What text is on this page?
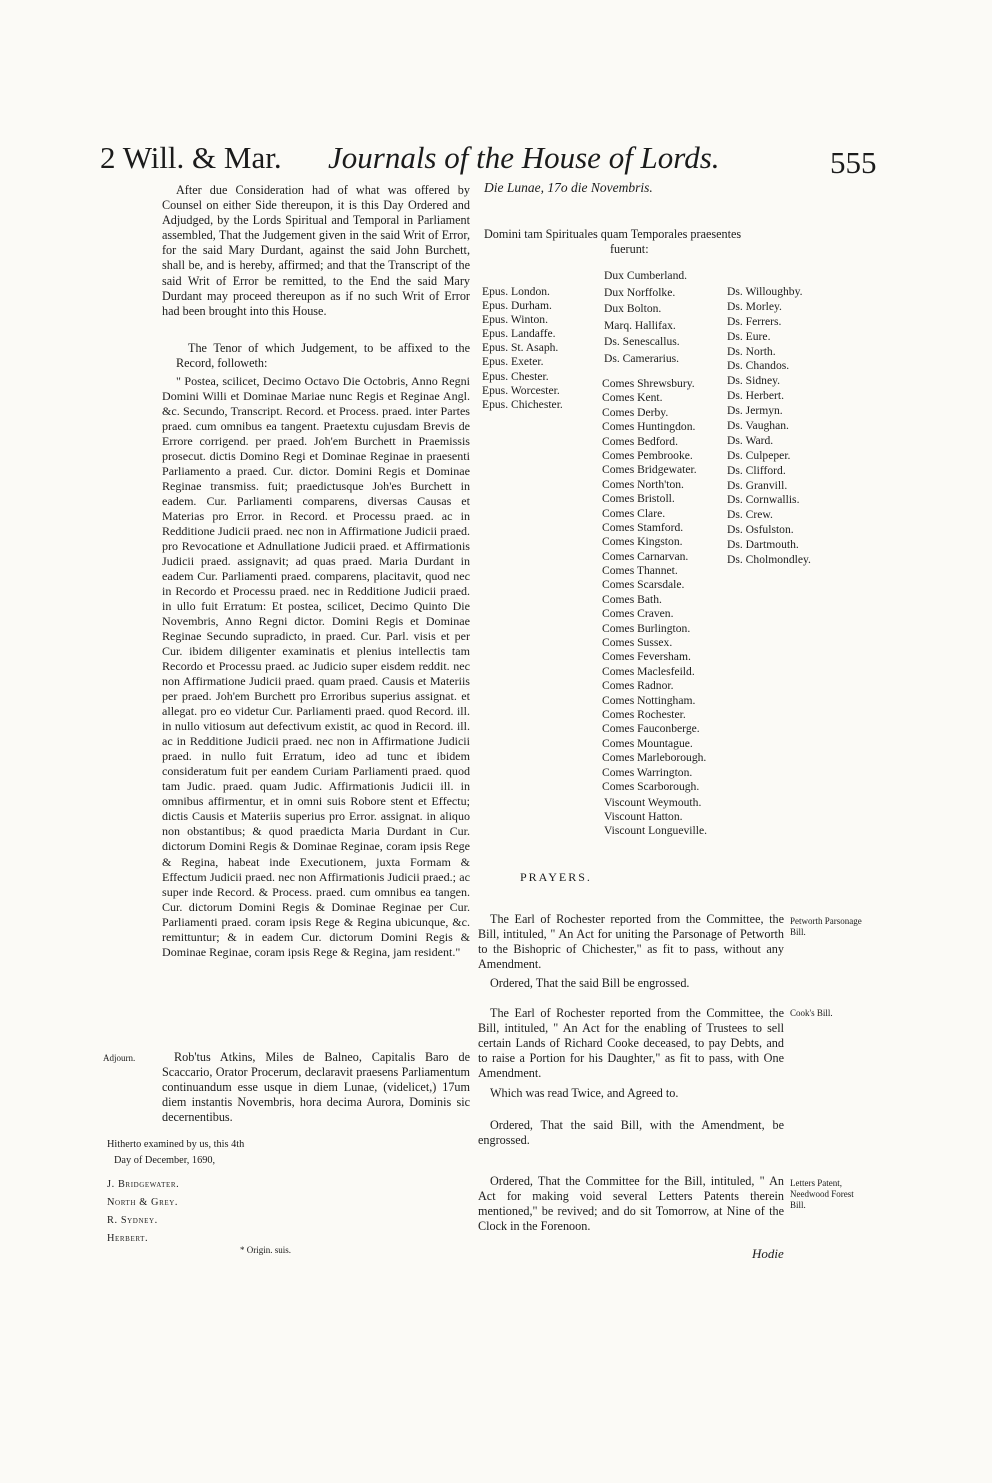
2 Will. & Mar. Journals of the House of Lords.	555
After due Consideration had of what was offered by Counsel on either Side thereupon, it is this Day Ordered and Adjudged, by the Lords Spiritual and Temporal in Parliament assembled, That the Judgement given in the said Writ of Error, for the said Mary Durdant, against the said John Burchett, shall be, and is hereby, affirmed; and that the Transcript of the said Writ of Error be remitted, to the End the said Mary Durdant may proceed thereupon as if no such Writ of Error had been brought into this House.
The Tenor of which Judgement, to be affixed to the Record, followeth:
" Postea, scilicet, Decimo Octavo Die Octobris, Anno Regni Domini Willi et Dominae Mariae nunc Regis et Reginae Angl. &c. Secundo, Transcript. Record. et Process. praed. inter Partes praed. cum omnibus ea tangent. Praetextu cujusdam Brevis de Errore corrigend. per praed. Joh'em Burchett in Praemissis prosecut. dictis Domino Regi et Dominae Reginae in praesenti Parliamento a praed. Cur. dictor. Domini Regis et Dominae Reginae transmiss. fuit; praedictusque Joh'es Burchett in eadem. Cur. Parliamenti comparens, diversas Causas et Materias pro Error. in Record. et Processu praed. ac in Redditione Judicii praed. nec non in Affirmatione Judicii praed. pro Revocatione et Adnullatione Judicii praed. et Affirmationis Judicii praed. assignavit; ad quas praed. Maria Durdant in eadem Cur. Parliamenti praed. comparens, placitavit, quod nec in Recordo et Processu praed. nec in Redditione Judicii praed. in ullo fuit Erratum: Et postea, scilicet, Decimo Quinto Die Novembris, Anno Regni dictor. Domini Regis et Dominae Reginae Secundo supradicto, in praed. Cur. Parl. visis et per Cur. ibidem diligenter examinatis et plenius intellectis tam Recordo et Processu praed. ac Judicio super eisdem reddit. nec non Affirmatione Judicii praed. quam praed. Causis et Materiis per praed. Joh'em Burchett pro Erroribus superius assignat. et allegat. pro eo videtur Cur. Parliamenti praed. quod Record. ill. in nullo vitiosum aut defectivum existit, ac quod in Record. ill. ac in Redditione Judicii praed. nec non in Affirmatione Judicii praed. in nullo fuit Erratum, ideo ad tunc et ibidem consideratum fuit per eandem Curiam Parliamenti praed. quod tam Judic. praed. quam Judic. Affirmationis Judicii ill. in omnibus affirmentur, et in omni suis Robore stent et Effectu; dictis Causis et Materiis superius pro Error. assignat. in aliquo non obstantibus; & quod praedicta Maria Durdant in Cur. dictorum Domini Regis & Dominae Reginae, coram ipsis Rege & Regina, habeat inde Executionem, juxta Formam & Effectum Judicii praed. nec non Affirmationis Judicii praed.; ac super inde Record. & Process. praed. cum omnibus ea tangen. Cur. dictorum Domini Regis & Dominae Reginae per Cur. Parliamenti praed. coram ipsis Rege & Regina ubicunque, &c. remittuntur; & in eadem Cur. dictorum Domini Regis & Dominae Reginae, coram ipsis Rege & Regina, jam resident."
Adjourn.	Rob'tus Atkins, Miles de Balneo, Capitalis Baro de Scaccario, Orator Procerum, declaravit praesens Parliamentum continuandum esse usque in diem Lunae, (videlicet,) 17um diem instantis Novembris, hora decima Aurora, Dominis sic decernentibus.
Hitherto examined by us, this 4th
Day of December, 1690,
J. Bridgewater.
North & Grey.
R. Sydney.
Herbert.
* Origin. suis.
Die Lunae, 17o die Novembris.
Domini tam Spirituales quam Temporales praesentes
fuerunt:
Epus. London.
Epus. Durham.
Epus. Winton.
Epus. Landaffe.
Epus. St. Asaph.
Epus. Exeter.
Epus. Chester.
Epus. Worcester.
Epus. Chichester.
Dux Cumberland.
Dux Norffolke.
Dux Bolton.
Marq. Hallifax.
Ds. Senescallus.
Ds. Camerarius.
Comes Shrewsbury.
Comes Kent.
Comes Derby.
Comes Huntingdon.
Comes Bedford.
Comes Pembrooke.
Comes Bridgewater.
Comes North'ton.
Comes Bristoll.
Comes Clare.
Comes Stamford.
Comes Kingston.
Comes Carnarvan.
Comes Thannet.
Comes Scarsdale.
Comes Bath.
Comes Craven.
Comes Burlington.
Comes Sussex.
Comes Feversham.
Comes Maclesfeild.
Comes Radnor.
Comes Nottingham.
Comes Rochester.
Comes Fauconberge.
Comes Mountague.
Comes Marleborough.
Comes Warrington.
Comes Scarborough.
Viscount Weymouth.
Viscount Hatton.
Viscount Longueville.
Ds. Willoughby.
Ds. Morley.
Ds. Ferrers.
Ds. Eure.
Ds. North.
Ds. Chandos.
Ds. Sidney.
Ds. Herbert.
Ds. Jermyn.
Ds. Vaughan.
Ds. Ward.
Ds. Culpeper.
Ds. Clifford.
Ds. Granvill.
Ds. Cornwallis.
Ds. Crew.
Ds. Osfulston.
Ds. Dartmouth.
Ds. Cholmondley.
PRAYERS.
The Earl of Rochester reported from the Committee, the Bill, intituled, " An Act for uniting the Parsonage of Petworth to the Bishopric of Chichester," as fit to pass, without any Amendment.
Petworth Parsonage Bill.
Ordered, That the said Bill be engrossed.
The Earl of Rochester reported from the Committee, the Bill, intituled, " An Act for the enabling of Trustees to sell certain Lands of Richard Cooke deceased, to pay Debts, and to raise a Portion for his Daughter," as fit to pass, with One Amendment.
Cook's Bill.
Which was read Twice, and Agreed to.
Ordered, That the said Bill, with the Amendment, be engrossed.
Ordered, That the Committee for the Bill, intituled, " An Act for making void several Letters Patents therein mentioned," be revived; and do sit Tomorrow, at Nine of the Clock in the Forenoon.
Letters Patent, Needwood Forest Bill.
Hodie
